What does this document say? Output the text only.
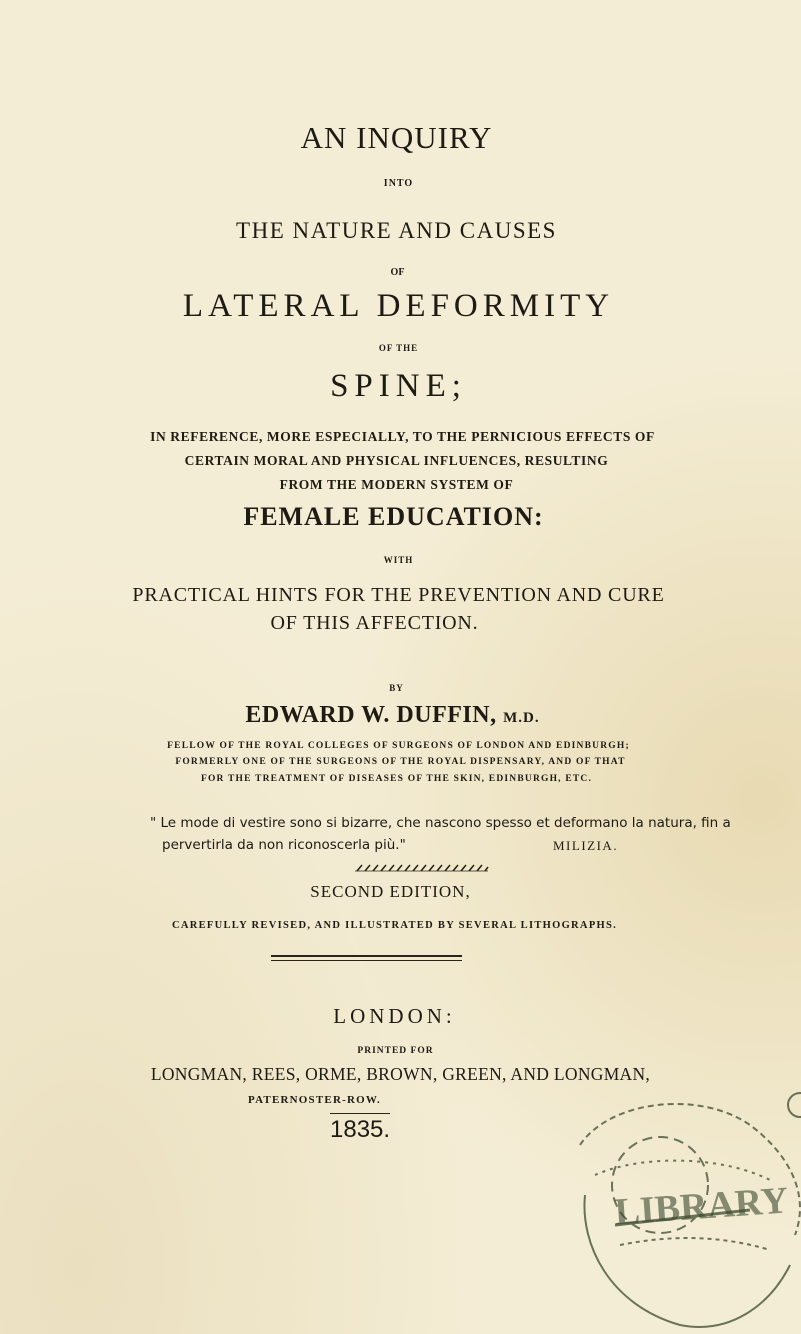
AN INQUIRY

INTO

THE NATURE AND CAUSES

OF

LATERAL DEFORMITY

OF THE

SPINE;

IN REFERENCE, MORE ESPECIALLY, TO THE PERNICIOUS EFFECTS OF

CERTAIN MORAL AND PHYSICAL INFLUENCES, RESULTING

FROM THE MODERN SYSTEM OF

FEMALE EDUCATION:

WITH

PRACTICAL HINTS FOR THE PREVENTION AND CURE

OF THIS AFFECTION.

BY

EDWARD W. DUFFIN, M.D.

FELLOW OF THE ROYAL COLLEGES OF SURGEONS OF LONDON AND EDINBURGH;

FORMERLY ONE OF THE SURGEONS OF THE ROYAL DISPENSARY, AND OF THAT

FOR THE TREATMENT OF DISEASES OF THE SKIN, EDINBURGH, ETC.

" Le mode di vestire sono si bizarre, che nascono spesso et deformano la natura, fin a
pervertirla da non riconoscerla più."	MILIZIA.

SECOND EDITION,

CAREFULLY REVISED, AND ILLUSTRATED BY SEVERAL LITHOGRAPHS.

LONDON:

PRINTED FOR

LONGMAN, REES, ORME, BROWN, GREEN, AND LONGMAN,

PATERNOSTER-ROW.

1835.
LIBRARY
